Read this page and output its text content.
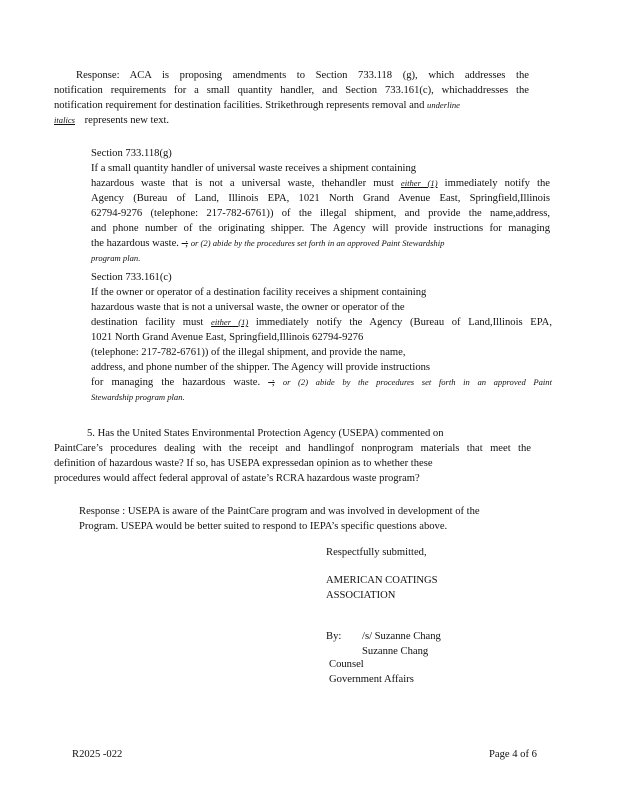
Response: ACA is proposing amendments to Section 733.118 (g), which addresses the
notification requirements for a small quantity handler, and Section 733.161(c), whichaddresses the
notification requirement for destination facilities. Strikethrough represents removal and underline
italics represents new text.
Section 733.118(g)
If a small quantity handler of universal waste receives a shipment containing
hazardous waste that is not a universal waste, thehandler must either (1) immediately notify the
Agency (Bureau of Land, Illinois EPA, 1021 North Grand Avenue East, Springfield,Illinois
62794-9276 (telephone: 217-782-6761)) of the illegal shipment, and provide the name,address,
and phone number of the originating shipper. The Agency will provide instructions for managing
the hazardous waste. -; or (2) abide by the procedures set forth in an approved Paint Stewardship
program plan.
Section 733.161(c)
If the owner or operator of a destination facility receives a shipment containing
hazardous waste that is not a universal waste, the owner or operator of the
destination facility must either (1) immediately notify the Agency (Bureau of Land,Illinois EPA,
1021 North Grand Avenue East, Springfield,Illinois 62794-9276
(telephone: 217-782-6761)) of the illegal shipment, and provide the name,
address, and phone number of the shipper. The Agency will provide instructions
for managing the hazardous waste. -; or (2) abide by the procedures set forth in an approved Paint
Stewardship program plan.
5. Has the United States Environmental Protection Agency (USEPA) commented on
PaintCare’s procedures dealing with the receipt and handlingof nonprogram materials that meet the
definition of hazardous waste? If so, has USEPA expressedan opinion as to whether these
procedures would affect federal approval of astate’s RCRA hazardous waste program?
Response : USEPA is aware of the PaintCare program and was involved in development of the
Program. USEPA would be better suited to respond to IEPA’s specific questions above.
Respectfully submitted,
AMERICAN COATINGS
ASSOCIATION
By: /s/ Suzanne Chang
Suzanne Chang
Counsel
Government Affairs
R2025 -022	Page 4 of 6
